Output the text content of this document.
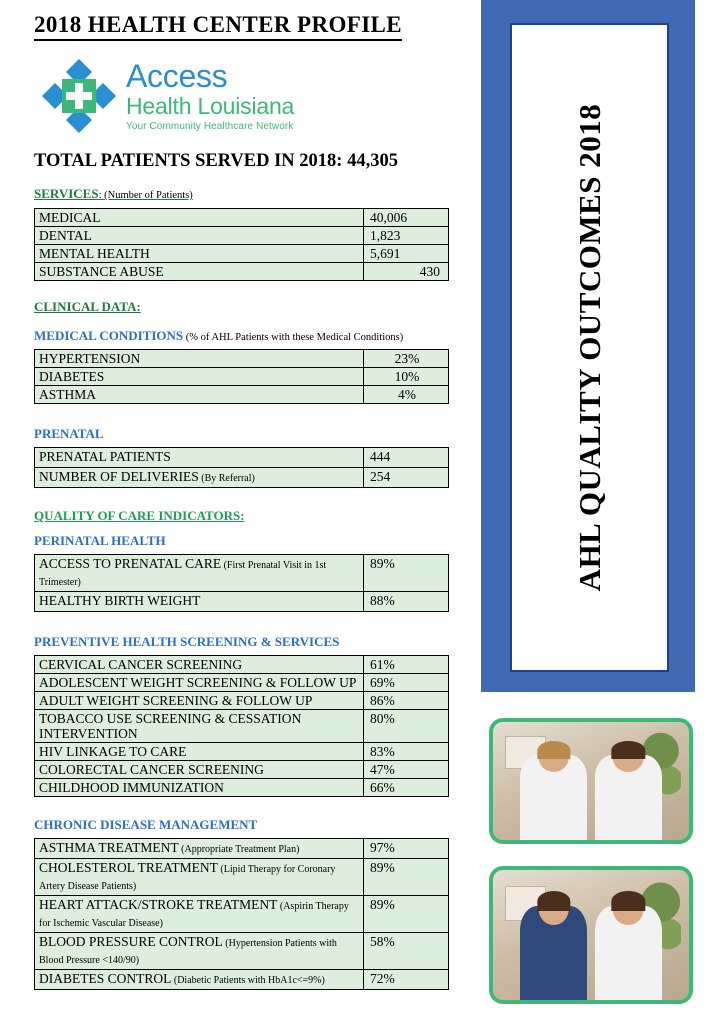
2018 HEALTH CENTER PROFILE
Access
Health Louisiana
Your Community Healthcare Network
TOTAL PATIENTS SERVED IN 2018: 44,305
SERVICES: (Number of Patients)
MEDICAL	40,006
DENTAL	1,823
MENTAL HEALTH	5,691
SUBSTANCE ABUSE	430
CLINICAL DATA:
MEDICAL CONDITIONS (% of AHL Patients with these Medical Conditions)
HYPERTENSION	23%
DIABETES	10%
ASTHMA	4%
PRENATAL
PRENATAL PATIENTS	444
NUMBER OF DELIVERIES (By Referral)	254
QUALITY OF CARE INDICATORS:
PERINATAL HEALTH
ACCESS TO PRENATAL CARE (First Prenatal Visit in 1st Trimester)	89%
HEALTHY BIRTH WEIGHT	88%
PREVENTIVE HEALTH SCREENING & SERVICES
CERVICAL CANCER SCREENING	61%
ADOLESCENT WEIGHT SCREENING & FOLLOW UP	69%
ADULT WEIGHT SCREENING & FOLLOW UP	86%
TOBACCO USE SCREENING & CESSATION INTERVENTION	80%
HIV LINKAGE TO CARE	83%
COLORECTAL CANCER SCREENING	47%
CHILDHOOD IMMUNIZATION	66%
CHRONIC DISEASE MANAGEMENT
ASTHMA TREATMENT (Appropriate Treatment Plan)	97%
CHOLESTEROL TREATMENT (Lipid Therapy for Coronary Artery Disease Patients)	89%
HEART ATTACK/STROKE TREATMENT (Aspirin Therapy for Ischemic Vascular Disease)	89%
BLOOD PRESSURE CONTROL (Hypertension Patients with Blood Pressure <140/90)	58%
DIABETES CONTROL (Diabetic Patients with HbA1c<=9%)	72%
AHL QUALITY OUTCOMES 2018
